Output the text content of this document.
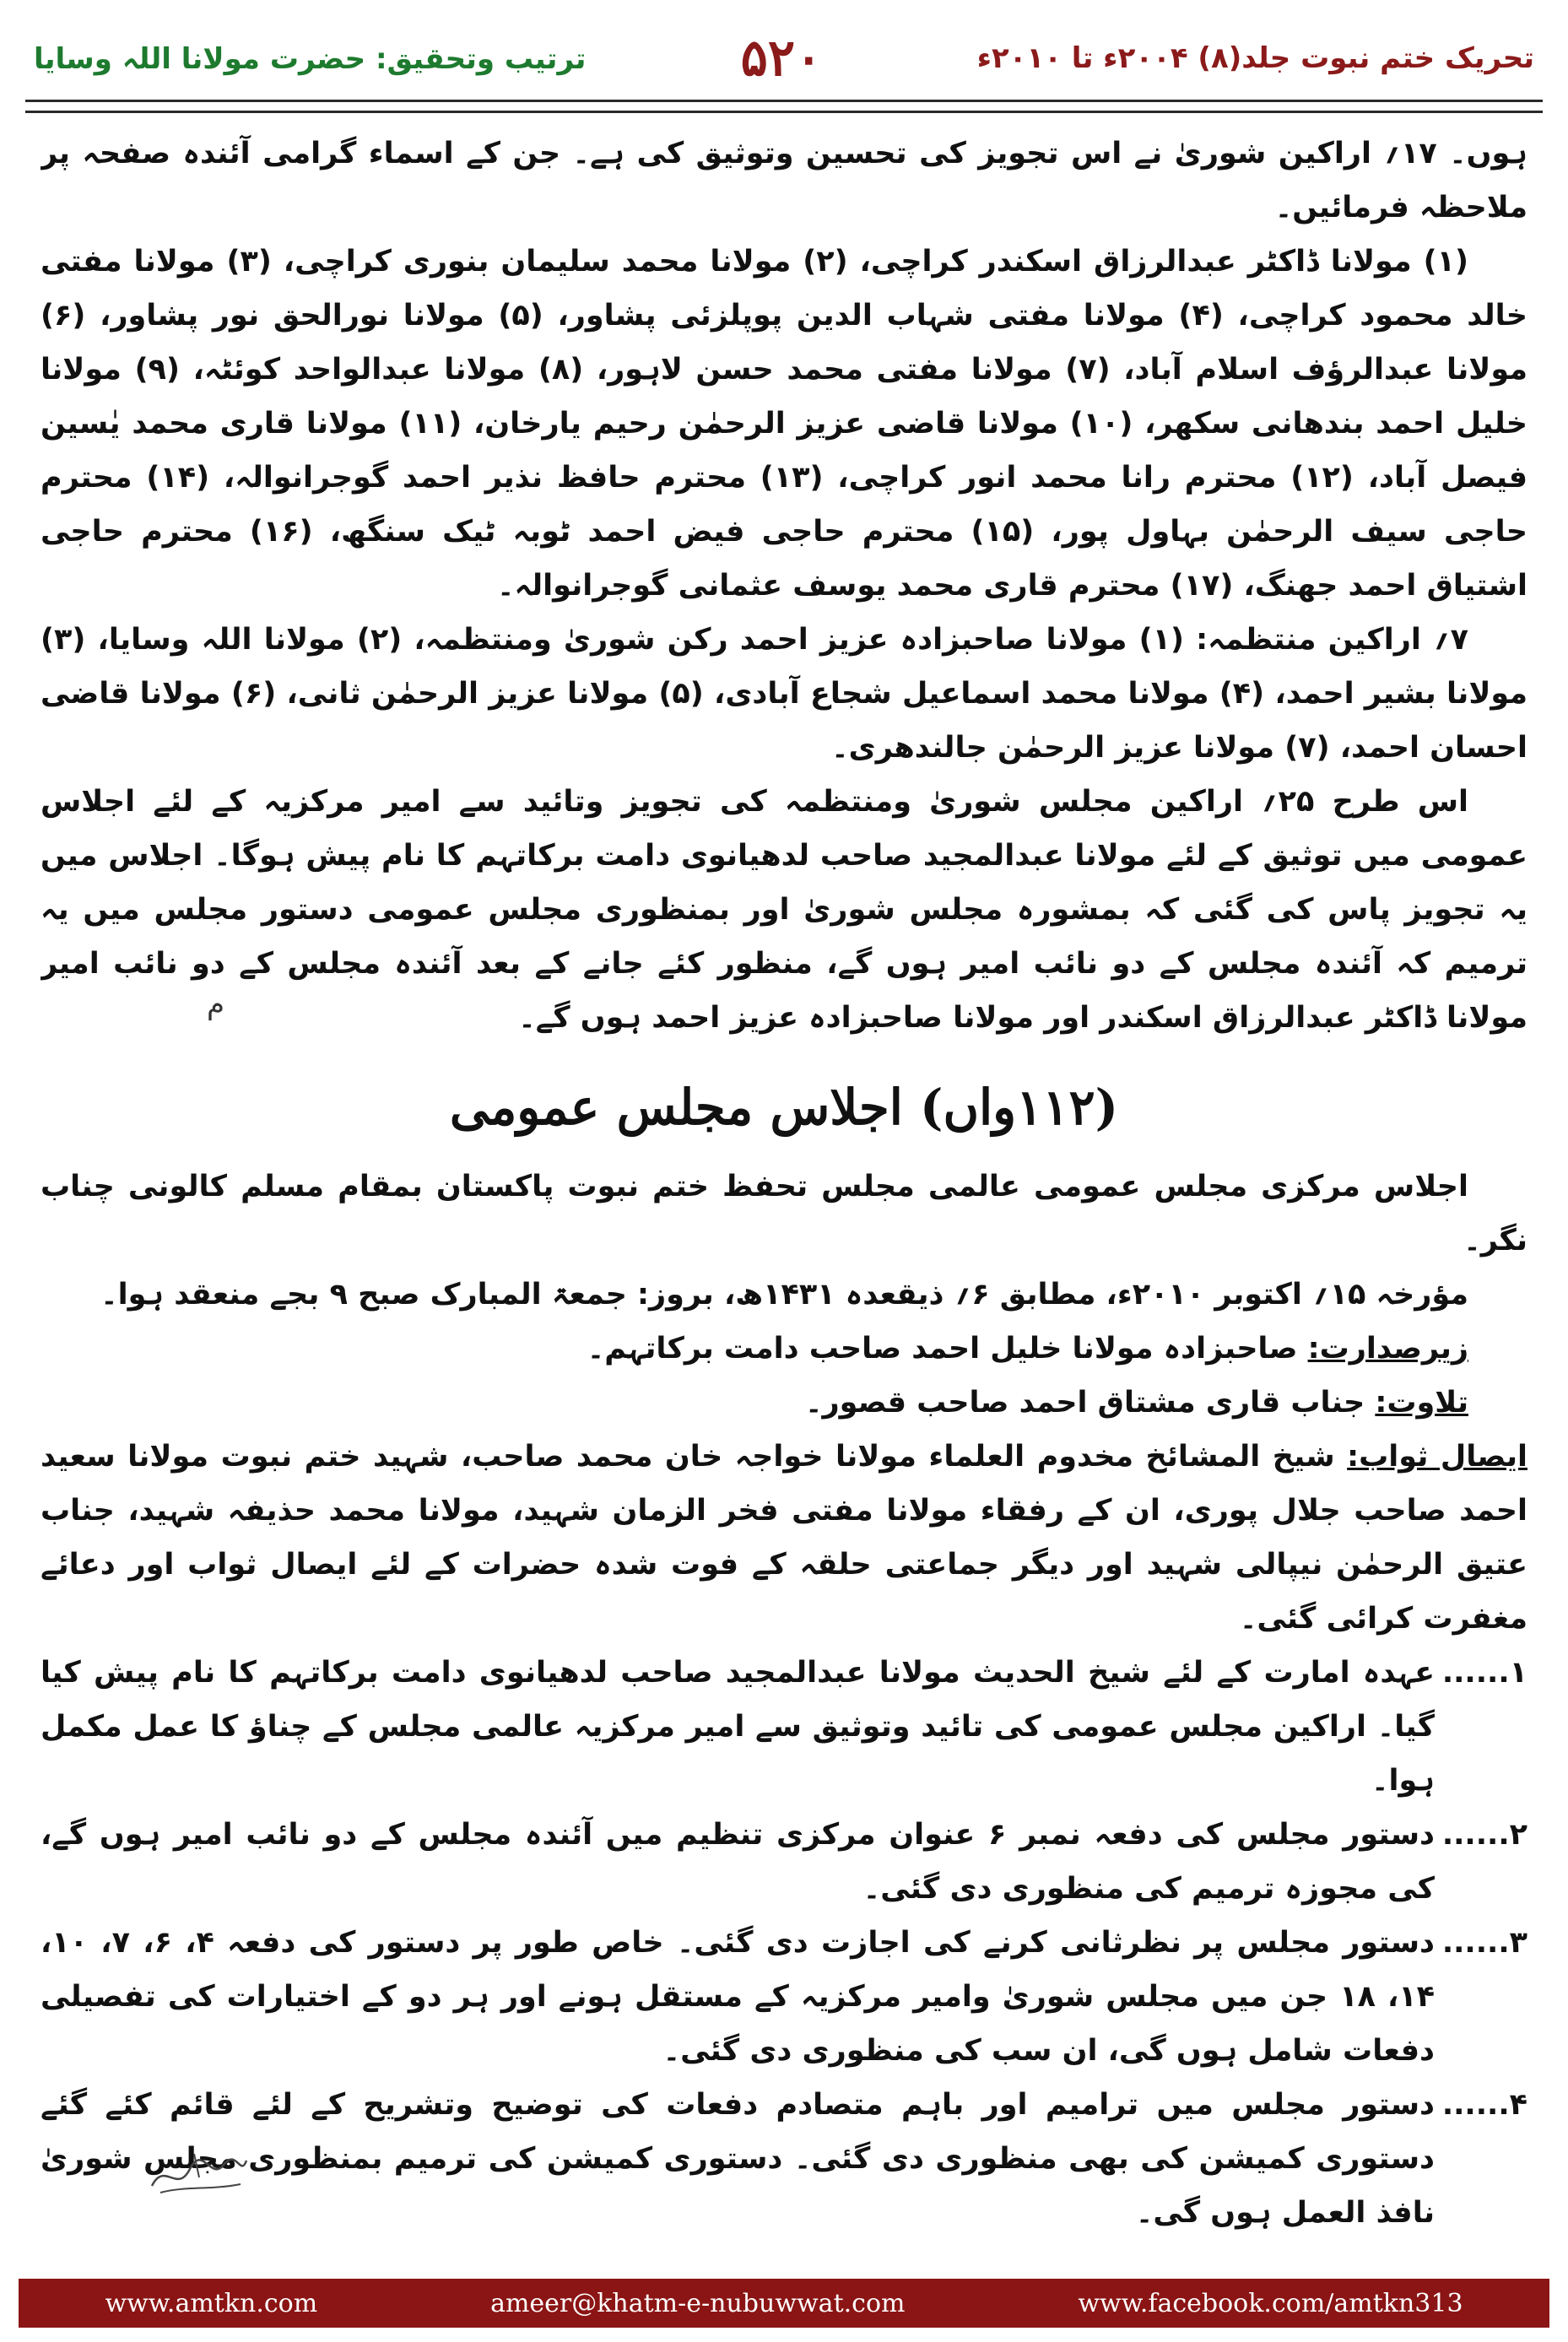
ترتیب وتحقیق: حضرت مولانا اللہ وسایا	۵۲۰	تحریک ختم نبوت جلد(۸) ۲۰۰۴ء تا ۲۰۱۰ء
م

ہوں۔ ۱۷؍ اراکین شوریٰ نے اس تجویز کی تحسین وتوثیق کی ہے۔ جن کے اسماء گرامی آئندہ صفحہ پر ملاحظہ فرمائیں۔

(۱) مولانا ڈاکٹر عبدالرزاق اسکندر کراچی، (۲) مولانا محمد سلیمان بنوری کراچی، (۳) مولانا مفتی خالد محمود کراچی، (۴) مولانا مفتی شہاب الدین پوپلزئی پشاور، (۵) مولانا نورالحق نور پشاور، (۶) مولانا عبدالرؤف اسلام آباد، (۷) مولانا مفتی محمد حسن لاہور، (۸) مولانا عبدالواحد کوئٹہ، (۹) مولانا خلیل احمد بندھانی سکھر، (۱۰) مولانا قاضی عزیز الرحمٰن رحیم یارخان، (۱۱) مولانا قاری محمد یٰسین فیصل آباد، (۱۲) محترم رانا محمد انور کراچی، (۱۳) محترم حافظ نذیر احمد گوجرانوالہ، (۱۴) محترم حاجی سیف الرحمٰن بہاول پور، (۱۵) محترم حاجی فیض احمد ٹوبہ ٹیک سنگھ، (۱۶) محترم حاجی اشتیاق احمد جھنگ، (۱۷) محترم قاری محمد یوسف عثمانی گوجرانوالہ۔

۷؍ اراکین منتظمہ: (۱) مولانا صاحبزادہ عزیز احمد رکن شوریٰ ومنتظمہ، (۲) مولانا اللہ وسایا، (۳) مولانا بشیر احمد، (۴) مولانا محمد اسماعیل شجاع آبادی، (۵) مولانا عزیز الرحمٰن ثانی، (۶) مولانا قاضی احسان احمد، (۷) مولانا عزیز الرحمٰن جالندھری۔

اس طرح ۲۵؍ اراکین مجلس شوریٰ ومنتظمہ کی تجویز وتائید سے امیر مرکزیہ کے لئے اجلاس عمومی میں توثیق کے لئے مولانا عبدالمجید صاحب لدھیانوی دامت برکاتہم کا نام پیش ہوگا۔ اجلاس میں یہ تجویز پاس کی گئی کہ بمشورہ مجلس شوریٰ اور بمنظوری مجلس عمومی دستور مجلس میں یہ ترمیم کہ آئندہ مجلس کے دو نائب امیر ہوں گے، منظور کئے جانے کے بعد آئندہ مجلس کے دو نائب امیر مولانا ڈاکٹر عبدالرزاق اسکندر اور مولانا صاحبزادہ عزیز احمد ہوں گے۔

(۱۱۲واں) اجلاس مجلس عمومی

اجلاس مرکزی مجلس عمومی عالمی مجلس تحفظ ختم نبوت پاکستان بمقام مسلم کالونی چناب نگر۔

مؤرخہ ۱۵؍ اکتوبر ۲۰۱۰ء، مطابق ۶؍ ذیقعدہ ۱۴۳۱ھ، بروز: جمعۃ المبارک صبح ۹ بجے منعقد ہوا۔

زیرصدارت: صاحبزادہ مولانا خلیل احمد صاحب دامت برکاتہم۔

تلاوت: جناب قاری مشتاق احمد صاحب قصور۔

ایصال ثواب: شیخ المشائخ مخدوم العلماء مولانا خواجہ خان محمد صاحب، شہید ختم نبوت مولانا سعید احمد صاحب جلال پوری، ان کے رفقاء مولانا مفتی فخر الزمان شہید، مولانا محمد حذیفہ شہید، جناب عتیق الرحمٰن نیپالی شہید اور دیگر جماعتی حلقہ کے فوت شدہ حضرات کے لئے ایصال ثواب اور دعائے مغفرت کرائی گئی۔

۱......
عہدہ امارت کے لئے شیخ الحدیث مولانا عبدالمجید صاحب لدھیانوی دامت برکاتہم کا نام پیش کیا گیا۔ اراکین مجلس عمومی کی تائید وتوثیق سے امیر مرکزیہ عالمی مجلس کے چناؤ کا عمل مکمل ہوا۔
۲......
دستور مجلس کی دفعہ نمبر ۶ عنوان مرکزی تنظیم میں آئندہ مجلس کے دو نائب امیر ہوں گے، کی مجوزہ ترمیم کی منظوری دی گئی۔
۳......
دستور مجلس پر نظرثانی کرنے کی اجازت دی گئی۔ خاص طور پر دستور کی دفعہ ۴، ۶، ۷، ۱۰، ۱۴، ۱۸ جن میں مجلس شوریٰ وامیر مرکزیہ کے مستقل ہونے اور ہر دو کے اختیارات کی تفصیلی دفعات شامل ہوں گی، ان سب کی منظوری دی گئی۔
۴......
دستور مجلس میں ترامیم اور باہم متصادم دفعات کی توضیح وتشریح کے لئے قائم کئے گئے دستوری کمیشن کی بھی منظوری دی گئی۔ دستوری کمیشن کی ترمیم بمنظوری مجلس شوریٰ نافذ العمل ہوں گی۔
www.amtkn.com	ameer@khatm-e-nubuwwat.com	www.facebook.com/amtkn313
